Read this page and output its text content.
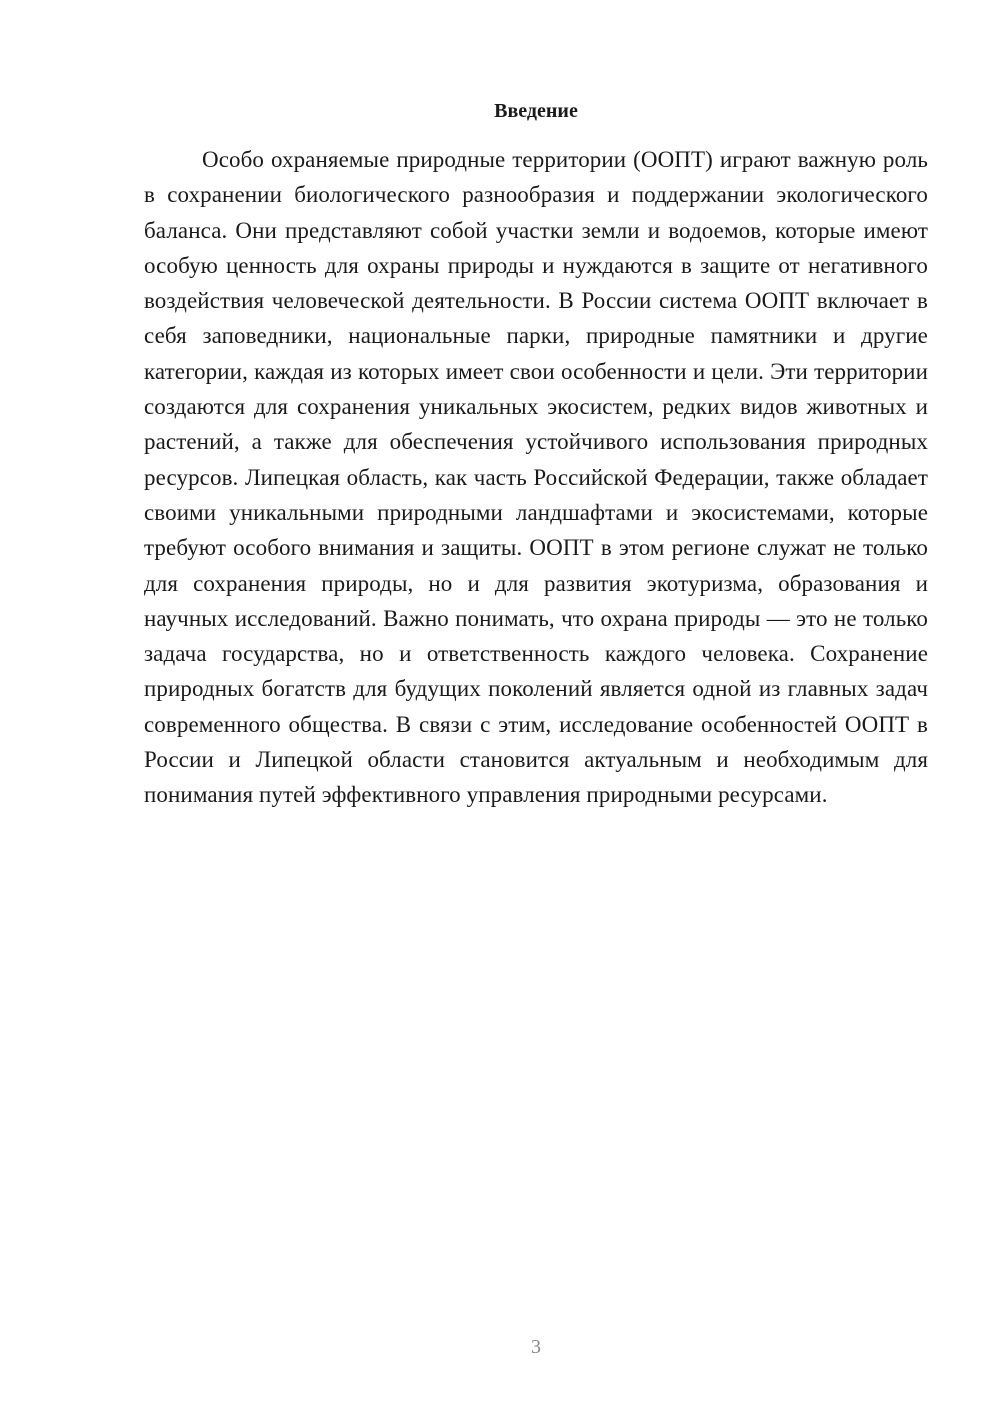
Введение

Особо охраняемые природные территории (ООПТ) играют важную роль в сохранении биологического разнообразия и поддержании экологического баланса. Они представляют собой участки земли и водоемов, которые имеют особую ценность для охраны природы и нуждаются в защите от негативного воздействия человеческой деятельности. В России система ООПТ включает в себя заповедники, национальные парки, природные памятники и другие категории, каждая из которых имеет свои особенности и цели. Эти территории создаются для сохранения уникальных экосистем, редких видов животных и растений, а также для обеспечения устойчивого использования природных ресурсов. Липецкая область, как часть Российской Федерации, также обладает своими уникальными природными ландшафтами и экосистемами, которые требуют особого внимания и защиты. ООПТ в этом регионе служат не только для сохранения природы, но и для развития экотуризма, образования и научных исследований. Важно понимать, что охрана природы — это не только задача государства, но и ответственность каждого человека. Сохранение природных богатств для будущих поколений является одной из главных задач современного общества. В связи с этим, исследование особенностей ООПТ в России и Липецкой области становится актуальным и необходимым для понимания путей эффективного управления природными ресурсами.

3
